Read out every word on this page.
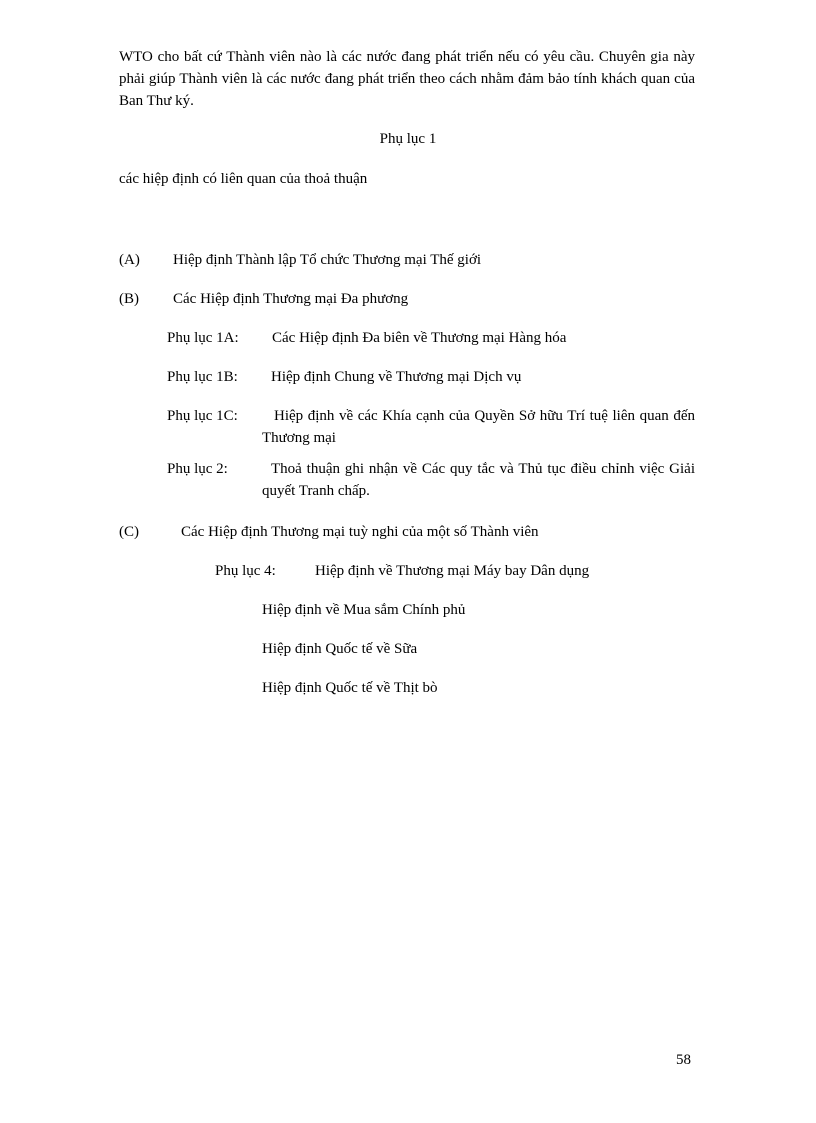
WTO cho bất cứ Thành viên nào là các nước đang phát triển nếu có yêu cầu. Chuyên gia này phải giúp Thành viên là các nước đang phát triển theo cách nhằm đảm bảo tính khách quan của Ban Thư ký.

Phụ lục 1
các hiệp định có liên quan của thoả thuận
(A) Hiệp định Thành lập Tổ chức Thương mại Thế giới
(B) Các Hiệp định Thương mại Đa phương
Phụ lục 1A: Các Hiệp định Đa biên về Thương mại Hàng hóa
Phụ lục 1B: Hiệp định Chung về Thương mại Dịch vụ
Phụ lục 1C:	Hiệp định về các Khía cạnh của Quyền Sở hữu Trí tuệ liên quan đến Thương mại
Phụ lục 2:	Thoả thuận ghi nhận về Các quy tắc và Thủ tục điều chỉnh việc Giải quyết Tranh chấp.
(C)	Các Hiệp định Thương mại tuỳ nghi của một số Thành viên
Phụ lục 4:	Hiệp định về Thương mại Máy bay Dân dụng
Hiệp định về Mua sắm Chính phủ
Hiệp định Quốc tế về Sữa
Hiệp định Quốc tế về Thịt bò
58
